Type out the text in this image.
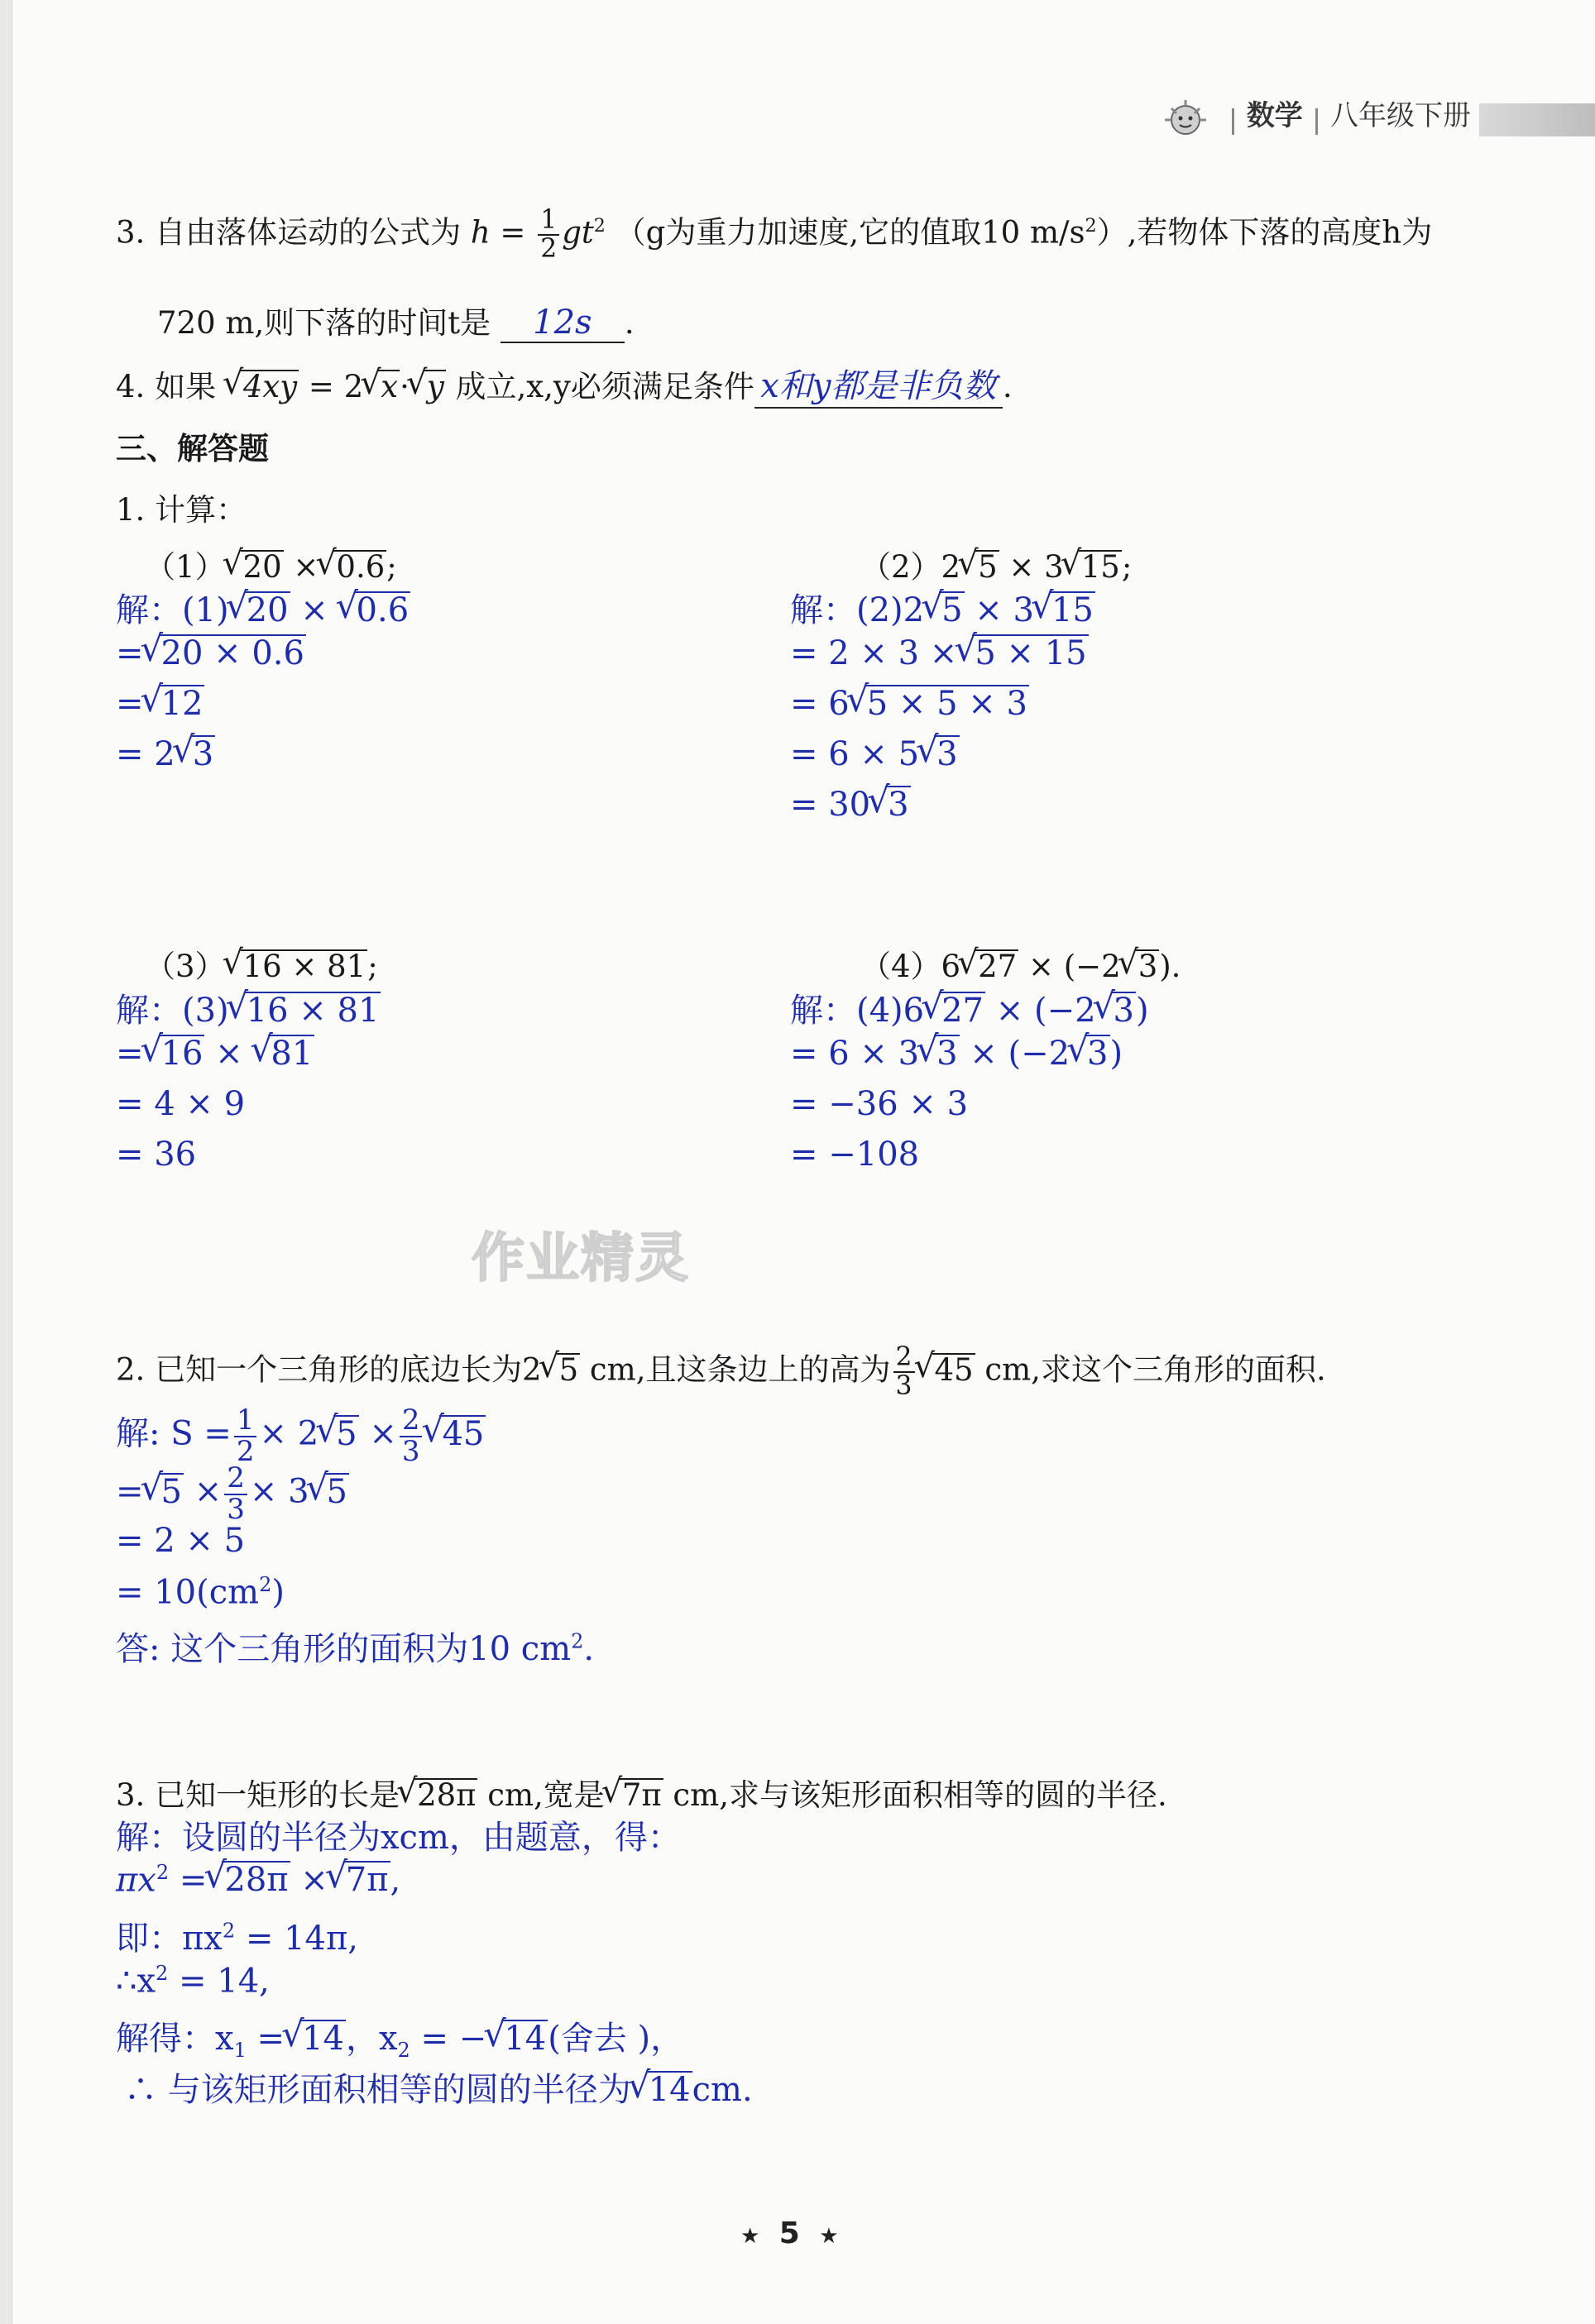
数学 八年级下册
3. 自由落体运动的公式为 $h = \frac{1}{2} gt^2$ （g为重力加速度,它的值取10 $m/s^2$）,若物体下落的高度h为
720 m,则下落的时间t是 12s .
4. 如果 √ 4xy = 2√ x·√ y 成立,x,y必须满足条件 x和y都是非负数 .
三、解答题
1. 计算：
（1）√ 20 ×√ 0.6;
解：(1)√ 20 × √ 0.6
=√ 20 × 0.6
=√ 12
= 2√ 3
（2）2√ 5 × 3√ 15;
解：(2)2√ 5 × 3√ 15
= 2 × 3 ×√ 5 × 15
= 6√ 5 × 5 × 3
= 6 × 5√ 3
= 30√ 3
（3）√ 16 × 81;
解：(3)√ 16 × 81
=√ 16 × √ 81
= 4 × 9
= 36
（4）6√ 27 × (−2√ 3).
解：(4)6√ 27 × (−2√ 3)
= 6 × 3√ 3 × (−2√ 3)
= −36 × 3
= −108
作业精灵
2. 已知一个三角形的底边长为2√ 5 cm,且这条边上的高为 $\frac{2}{3}$
√ 45 cm,求这个三角形的面积.
解: $S = \frac{1}{2} \times 2√$ $5 \times \frac{2}{3}$
√ 45
=√ $5 \times \frac{2}{3} \times 3√$ 5
= 2 × 5
= $10(cm^2)$
答: 这个三角形的面积为10 $cm^2$.
3. 已知一矩形的长是√ 28π cm,宽是√ 7π cm,求与该矩形面积相等的圆的半径.
解：设圆的半径为xcm，由题意，得：
$\pi x^2$ =√ 28π ×√ 7π,
即：$\pi x^2 = 14\pi$,
$\therefore x^2 = 14$,
解得：$x_1$ =√ 14，$x_2$ = −√ 14(舍去 )，
∴ 与该矩形面积相等的圆的半径为√ 14cm.
★ 5 ★
